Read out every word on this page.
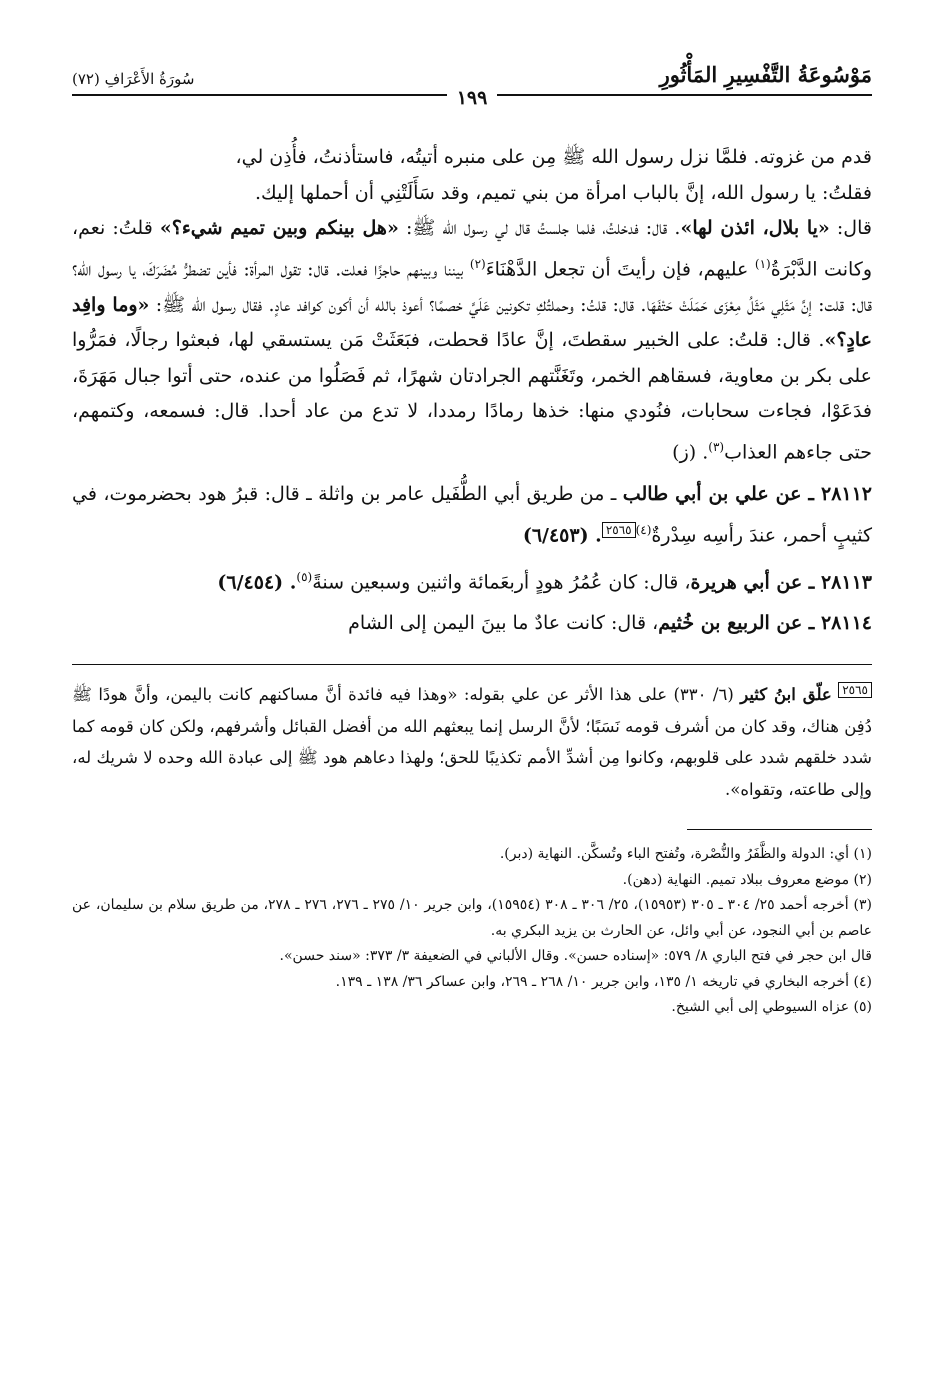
مَوْسُوعَةُ التَّفْسِيرِ المَأْثُورِ
سُورَةُ الأَعْرَافِ (٧٢)
١٩٩

قدم من غزوته. فلمَّا نزل رسول الله ﷺ مِن على منبره أتيتُه، فاستأذنتُ، فأُذِن لي،

فقلتُ: يا رسول الله، إنَّ بالباب امرأة من بني تميم، وقد سَأَلَتْنِي أن أحملها إليك.

قال: «يا بلال، ائذن لها». قال: فدخلتُ، فلما جلستُ قال لي رسول الله ﷺ: «هل بينكم وبين تميم شيء؟» قلتُ: نعم، وكانت الدَّبْرَةُ$^{(١)}$ عليهم، فإن رأيتَ أن تجعل الدَّهْنَاءَ$^{(٢)}$ بيننا وبينهم حاجزًا فعلت. قال: تقول المرأة: فأين تضطرُّ مُضَرَكَ، يا رسول الله؟ قال: قلت: إنَّ مَثَلِي مَثَلُ مِعْزَى حَمَلَتْ حَتْفَهَا. قال: قلتُ: وحملتُكِ تكونين عَلَيَّ خصمًا؟ أعوذ بالله أن أكون كوافد عادٍ. فقال رسول الله ﷺ: «وما وافِد عادٍ؟». قال: قلتُ: على الخبير سقطتَ، إنَّ عادًا قحطت، فبَعَثَتْ مَن يستسقي لها، فبعثوا رجالًا، فمَرُّوا على بكر بن معاوية، فسقاهم الخمر، وتَغَنَّتهم الجرادتان شهرًا، ثم فَصَلُوا من عنده، حتى أتوا جبال مَهَرَةَ، فدَعَوْا، فجاءت سحابات، فنُودي منها: خذها رمادًا رمددا، لا تدع من عاد أحدا. قال: فسمعه، وكتمهم، حتى جاءهم العذاب$^{(٣)}$. (ز)

٢٨١١٢ ـ عن علي بن أبي طالب ـ من طريق أبي الطُّفَيل عامر بن واثلة ـ قال: قبرُ هود بحضرموت، في كثيبٍ أحمر، عندَ رأسِه سِدْرةٌ$^{(٤)}$٢٥٦٥. (٦/٤٥٣)

٢٨١١٣ ـ عن أبي هريرة، قال: كان عُمُرُ هودٍ أربعَمائة واثنين وسبعين سنةً$^{(٥)}$. (٦/٤٥٤)

٢٨١١٤ ـ عن الربيع بن خُثيم، قال: كانت عادٌ ما بينَ اليمن إلى الشام

٢٥٦٥ علّق ابنُ كثير (٦/ ٣٣٠) على هذا الأثر عن علي بقوله: «وهذا فيه فائدة أنَّ مساكنهم كانت باليمن، وأنَّ هودًا ﷺ دُفِن هناك، وقد كان من أشرف قومه نَسَبًا؛ لأنَّ الرسل إنما يبعثهم الله من أفضل القبائل وأشرفهم، ولكن كان قومه كما شدد خلقهم شدد على قلوبهم، وكانوا مِن أشدِّ الأمم تكذيبًا للحق؛ ولهذا دعاهم هود ﷺ إلى عبادة الله وحده لا شريك له، وإلى طاعته، وتقواه».

(١) أي: الدولة والظَّفَرُ والنُّصْرة، وتُفتح الباء وتُسكَّن. النهاية (دبر).

(٢) موضع معروف ببلاد تميم. النهاية (دهن).

(٣) أخرجه أحمد ٢٥/ ٣٠٤ ـ ٣٠٥ (١٥٩٥٣)، ٢٥/ ٣٠٦ ـ ٣٠٨ (١٥٩٥٤)، وابن جرير ١٠/ ٢٧٥ ـ ٢٧٦، ٢٧٦ ـ ٢٧٨، من طريق سلام بن سليمان، عن عاصم بن أبي النجود، عن أبي وائل، عن الحارث بن يزيد البكري به.

قال ابن حجر في فتح الباري ٨/ ٥٧٩: «إسناده حسن». وقال الألباني في الضعيفة ٣/ ٣٧٣: «سند حسن».

(٤) أخرجه البخاري في تاريخه ١/ ١٣٥، وابن جرير ١٠/ ٢٦٨ ـ ٢٦٩، وابن عساكر ٣٦/ ١٣٨ ـ ١٣٩.

(٥) عزاه السيوطي إلى أبي الشيخ.
